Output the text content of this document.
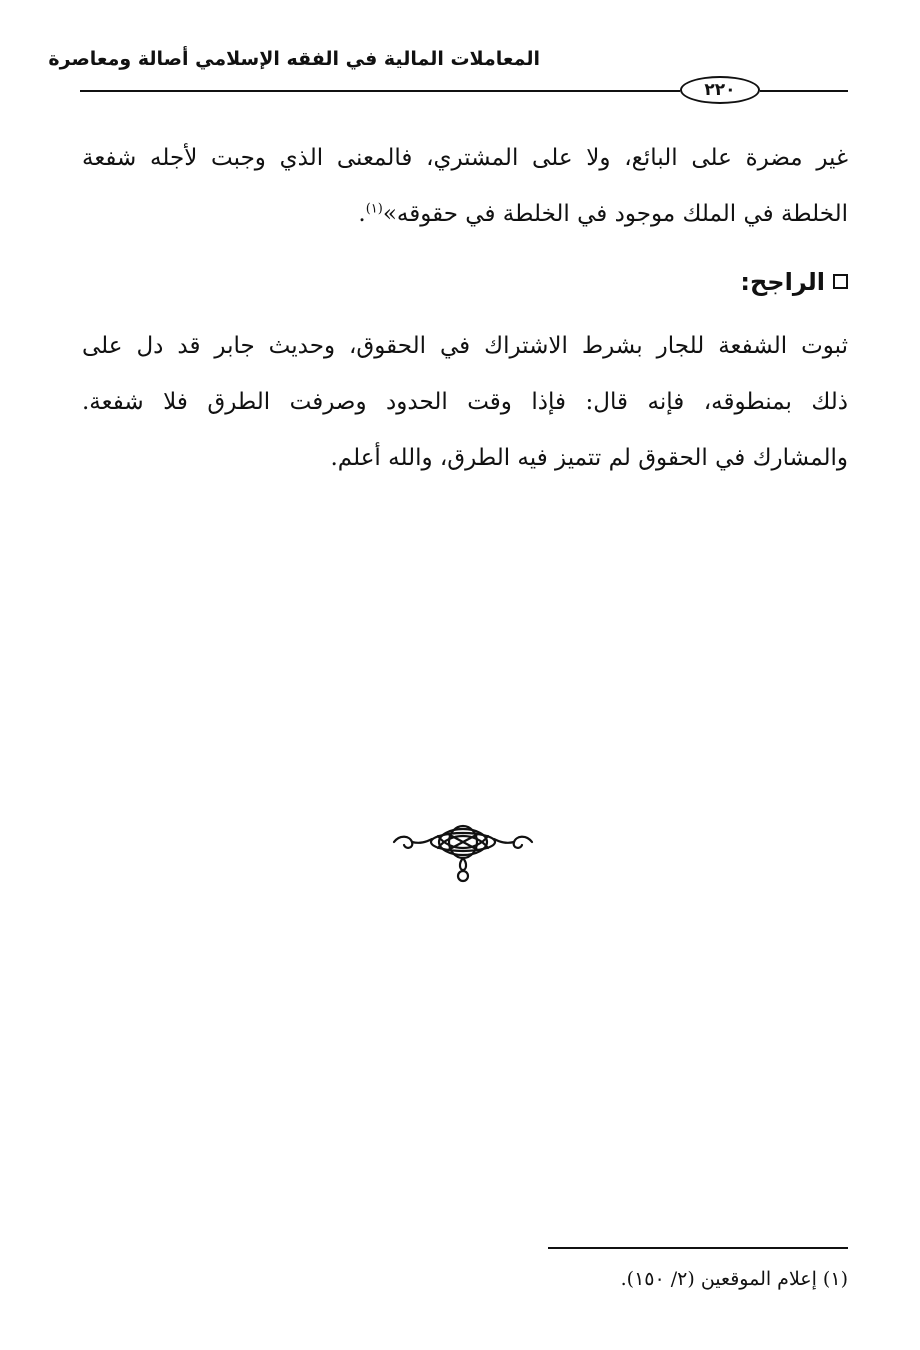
المعاملات المالية في الفقه الإسلامي أصالة ومعاصرة
٢٢٠
غير مضرة على البائع، ولا على المشتري، فالمعنى الذي وجبت لأجله شفعة
الخلطة في الملك موجود في الخلطة في حقوقه»$^{(١)}$.
الراجح:
ثبوت الشفعة للجار بشرط الاشتراك في الحقوق، وحديث جابر قد دل على
ذلك بمنطوقه، فإنه قال: فإذا وقت الحدود وصرفت الطرق فلا شفعة.
والمشارك في الحقوق لم تتميز فيه الطرق، والله أعلم.
(١) إعلام الموقعين (٢/ ١٥٠).
